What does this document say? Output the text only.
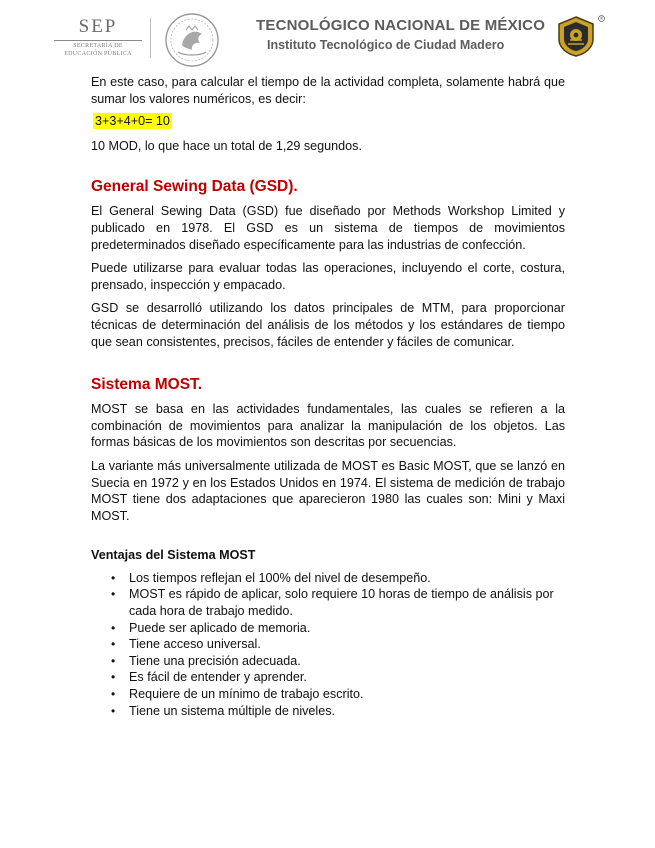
SEP
SECRETARÍA DE
EDUCACIÓN PÚBLICA
TECNOLÓGICO NACIONAL DE MÉXICO
Instituto Tecnológico de Ciudad Madero
®

En este caso, para calcular el tiempo de la actividad completa, solamente habrá que sumar los valores numéricos, es decir:

3+3+4+0= 10

10 MOD, lo que hace un total de 1,29 segundos.

General Sewing Data (GSD).

El General Sewing Data (GSD) fue diseñado por Methods Workshop Limited y publicado en 1978. El GSD es un sistema de tiempos de movimientos predeterminados diseñado específicamente para las industrias de confección.

Puede utilizarse para evaluar todas las operaciones, incluyendo el corte, costura, prensado, inspección y empacado.

GSD se desarrolló utilizando los datos principales de MTM, para proporcionar técnicas de determinación del análisis de los métodos y los estándares de tiempo que sean consistentes, precisos, fáciles de entender y fáciles de comunicar.

Sistema MOST.

MOST se basa en las actividades fundamentales, las cuales se refieren a la combinación de movimientos para analizar la manipulación de los objetos. Las formas básicas de los movimientos son descritas por secuencias.

La variante más universalmente utilizada de MOST es Basic MOST, que se lanzó en Suecia en 1972 y en los Estados Unidos en 1974. El sistema de medición de trabajo MOST tiene dos adaptaciones que aparecieron 1980 las cuales son: Mini y Maxi MOST.

Ventajas del Sistema MOST
• Los tiempos reflejan el 100% del nivel de desempeño.
• MOST es rápido de aplicar, solo requiere 10 horas de tiempo de análisis por cada hora de trabajo medido.
• Puede ser aplicado de memoria.
• Tiene acceso universal.
• Tiene una precisión adecuada.
• Es fácil de entender y aprender.
• Requiere de un mínimo de trabajo escrito.
• Tiene un sistema múltiple de niveles.
